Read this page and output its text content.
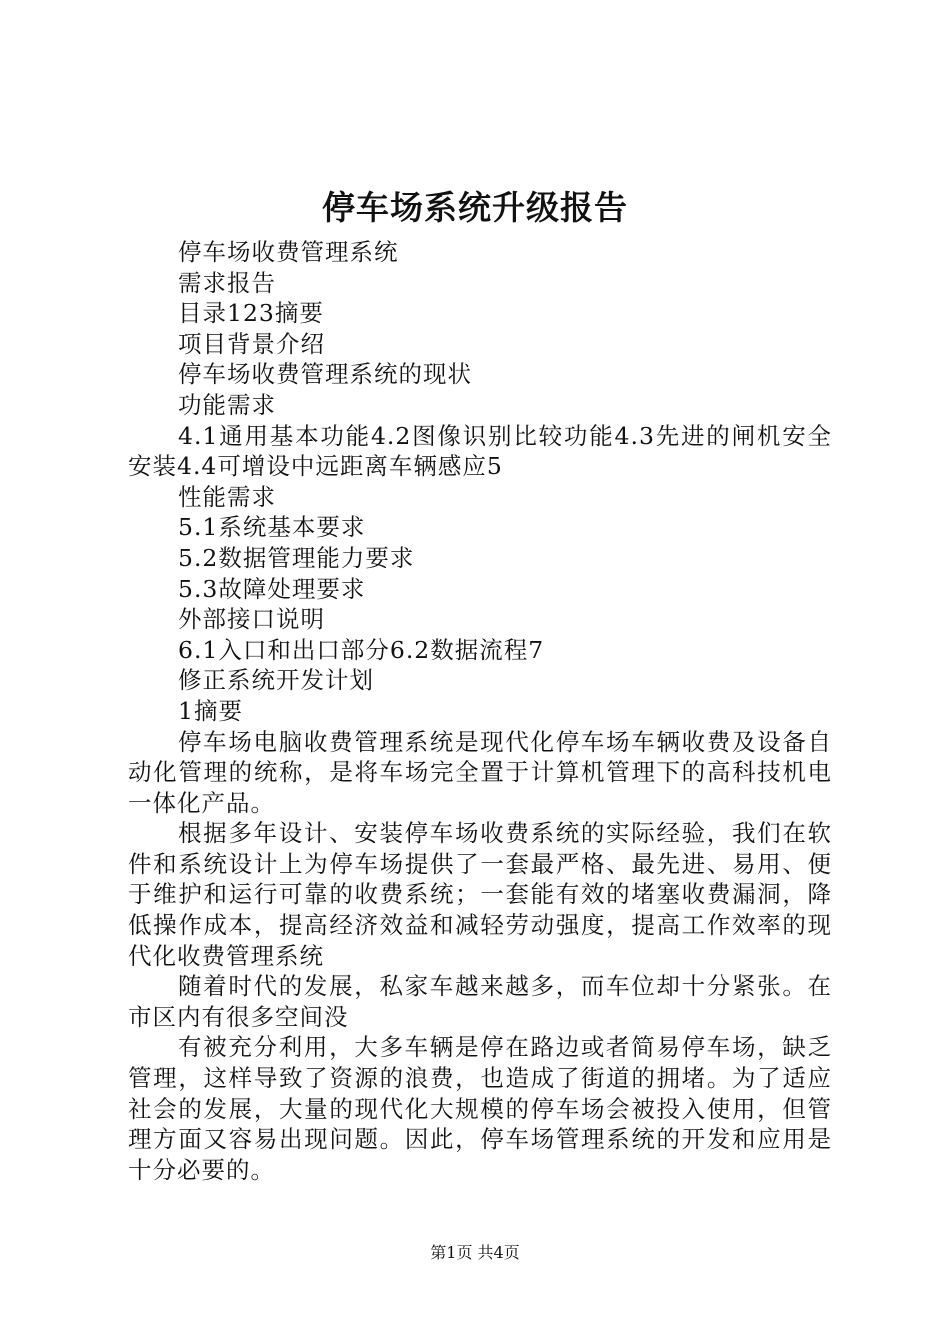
停车场系统升级报告

停车场收费管理系统

需求报告

目录123摘要

项目背景介绍

停车场收费管理系统的现状

功能需求

4.1通用基本功能4.2图像识别比较功能4.3先进的闸机安全安装4.4可增设中远距离车辆感应5

性能需求

5.1系统基本要求

5.2数据管理能力要求

5.3故障处理要求

外部接口说明

6.1入口和出口部分6.2数据流程7

修正系统开发计划

1摘要

停车场电脑收费管理系统是现代化停车场车辆收费及设备自动化管理的统称，是将车场完全置于计算机管理下的高科技机电一体化产品。

根据多年设计、安装停车场收费系统的实际经验，我们在软件和系统设计上为停车场提供了一套最严格、最先进、易用、便于维护和运行可靠的收费系统；一套能有效的堵塞收费漏洞，降低操作成本，提高经济效益和减轻劳动强度，提高工作效率的现代化收费管理系统

随着时代的发展，私家车越来越多，而车位却十分紧张。在市区内有很多空间没

有被充分利用，大多车辆是停在路边或者简易停车场，缺乏管理，这样导致了资源的浪费，也造成了街道的拥堵。为了适应社会的发展，大量的现代化大规模的停车场会被投入使用，但管理方面又容易出现问题。因此，停车场管理系统的开发和应用是十分必要的。

第1页 共4页
